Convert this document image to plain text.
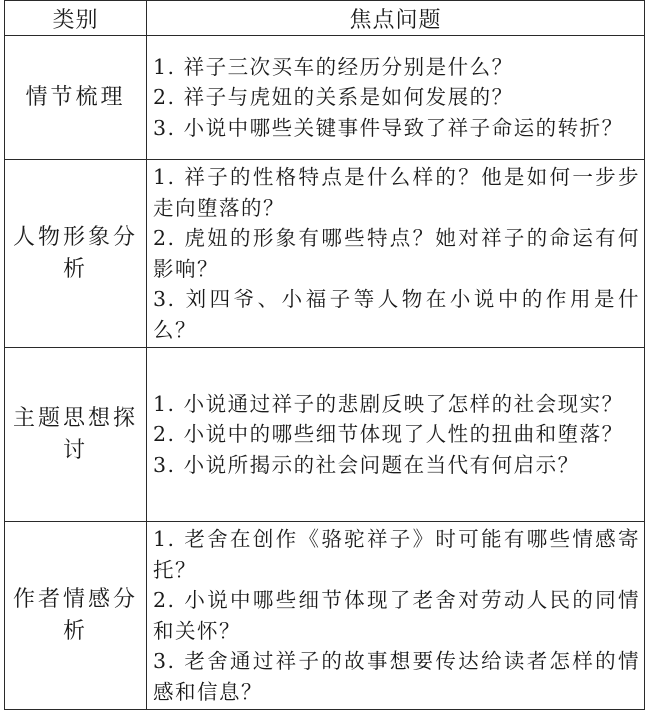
类别	焦点问题
情节梳理	1. 祥子三次买车的经历分别是什么？
2. 祥子与虎妞的关系是如何发展的？
3. 小说中哪些关键事件导致了祥子命运的转折？

人物形象分析	1. 祥子的性格特点是什么样的？他是如何一步步走向堕落的？
2. 虎妞的形象有哪些特点？她对祥子的命运有何影响？
3. 刘四爷、小福子等人物在小说中的作用是什么？

主题思想探讨	1. 小说通过祥子的悲剧反映了怎样的社会现实？
2. 小说中的哪些细节体现了人性的扭曲和堕落？
3. 小说所揭示的社会问题在当代有何启示？

作者情感分析	1. 老舍在创作《骆驼祥子》时可能有哪些情感寄托？
2. 小说中哪些细节体现了老舍对劳动人民的同情和关怀？
3. 老舍通过祥子的故事想要传达给读者怎样的情感和信息？
